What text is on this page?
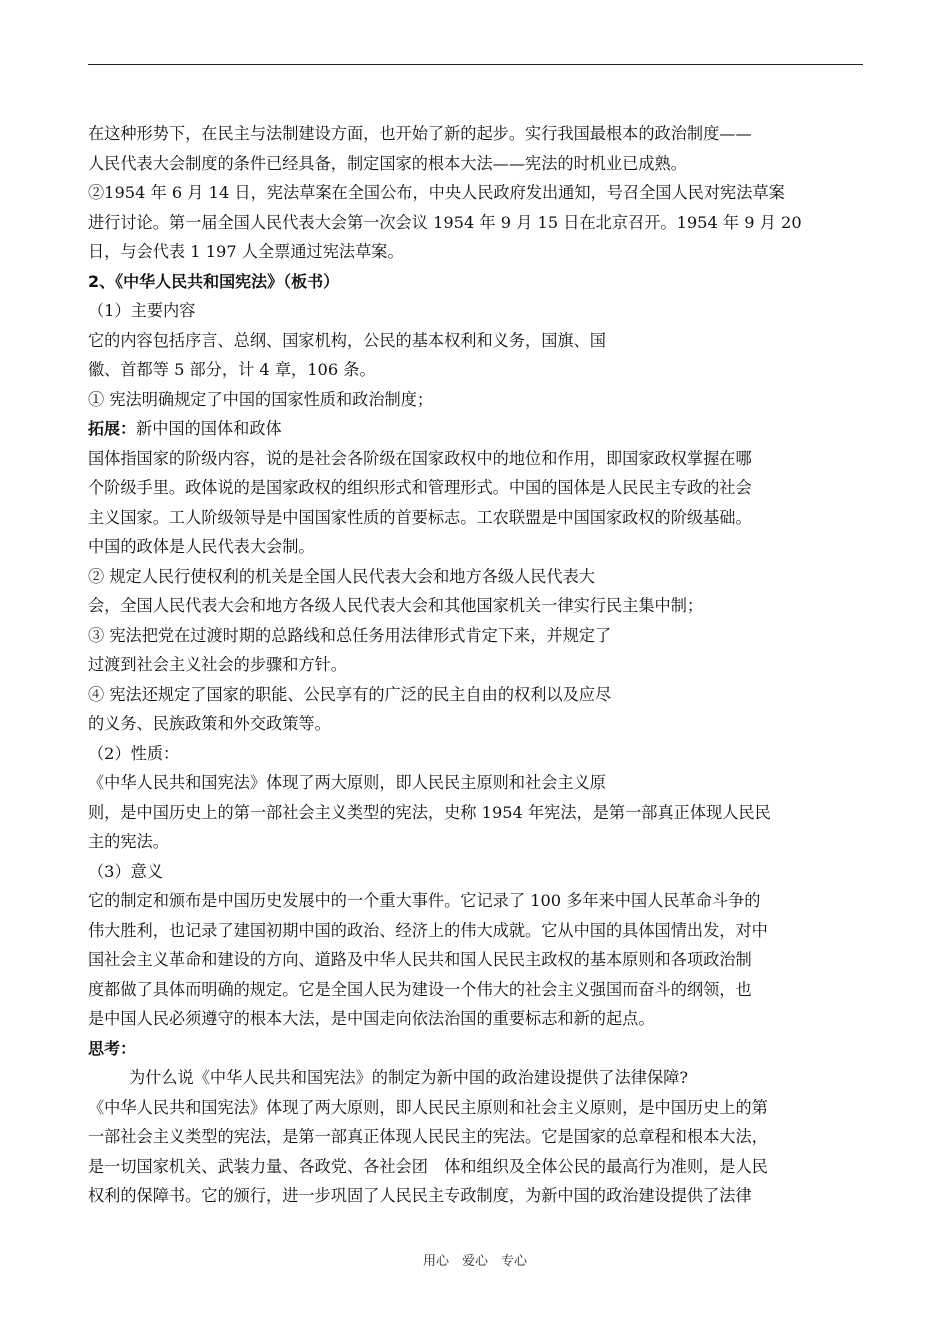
在这种形势下，在民主与法制建设方面，也开始了新的起步。实行我国最根本的政治制度——
人民代表大会制度的条件已经具备，制定国家的根本大法——宪法的时机业已成熟。
②1954 年 6 月 14 日，宪法草案在全国公布，中央人民政府发出通知，号召全国人民对宪法草案
进行讨论。第一届全国人民代表大会第一次会议 1954 年 9 月 15 日在北京召开。1954 年 9 月 20
日，与会代表 1 197 人全票通过宪法草案。
2、《中华人民共和国宪法》（板书）
（1）主要内容
它的内容包括序言、总纲、国家机构，公民的基本权利和义务，国旗、国
徽、首都等 5 部分，计 4 章，106 条。
① 宪法明确规定了中国的国家性质和政治制度；
拓展：新中国的国体和政体
国体指国家的阶级内容，说的是社会各阶级在国家政权中的地位和作用，即国家政权掌握在哪
个阶级手里。政体说的是国家政权的组织形式和管理形式。中国的国体是人民民主专政的社会
主义国家。工人阶级领导是中国国家性质的首要标志。工农联盟是中国国家政权的阶级基础。
中国的政体是人民代表大会制。
② 规定人民行使权利的机关是全国人民代表大会和地方各级人民代表大
会，全国人民代表大会和地方各级人民代表大会和其他国家机关一律实行民主集中制；
③ 宪法把党在过渡时期的总路线和总任务用法律形式肯定下来，并规定了
过渡到社会主义社会的步骤和方针。
④ 宪法还规定了国家的职能、公民享有的广泛的民主自由的权利以及应尽
的义务、民族政策和外交政策等。
（2）性质：
《中华人民共和国宪法》体现了两大原则，即人民民主原则和社会主义原
则，是中国历史上的第一部社会主义类型的宪法，史称 1954 年宪法，是第一部真正体现人民民
主的宪法。
（3）意义
它的制定和颁布是中国历史发展中的一个重大事件。它记录了 100 多年来中国人民革命斗争的
伟大胜利，也记录了建国初期中国的政治、经济上的伟大成就。它从中国的具体国情出发，对中
国社会主义革命和建设的方向、道路及中华人民共和国人民民主政权的基本原则和各项政治制
度都做了具体而明确的规定。它是全国人民为建设一个伟大的社会主义强国而奋斗的纲领，也
是中国人民必须遵守的根本大法，是中国走向依法治国的重要标志和新的起点。
思考：
为什么说《中华人民共和国宪法》的制定为新中国的政治建设提供了法律保障?
《中华人民共和国宪法》体现了两大原则，即人民民主原则和社会主义原则，是中国历史上的第
一部社会主义类型的宪法，是第一部真正体现人民民主的宪法。它是国家的总章程和根本大法，
是一切国家机关、武装力量、各政党、各社会团　体和组织及全体公民的最高行为准则，是人民
权利的保障书。它的颁行，进一步巩固了人民民主专政制度，为新中国的政治建设提供了法律
用心　爱心　专心
